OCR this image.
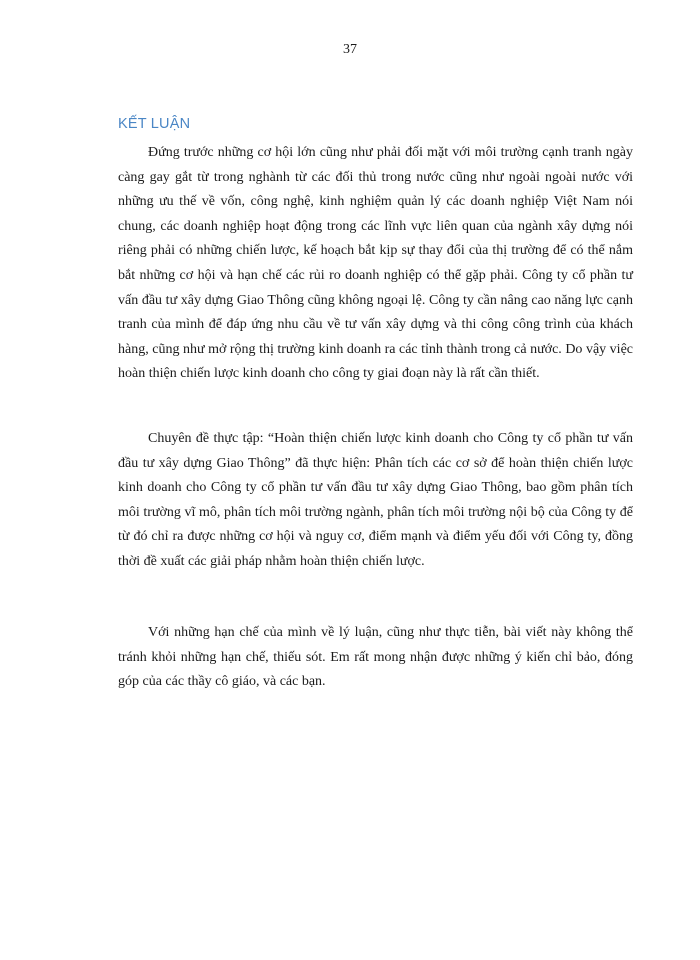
37
KẾT LUẬN

Đứng trước những cơ hội lớn cũng như phải đối mặt với môi trường cạnh tranh ngày càng gay gắt từ trong nghành từ các đối thủ trong nước cũng như ngoài ngoài nước với những ưu thế về vốn, công nghệ, kinh nghiệm quản lý các doanh nghiệp Việt Nam nói chung, các doanh nghiệp hoạt động trong các lĩnh vực liên quan của ngành xây dựng nói riêng phải có những chiến lược, kế hoạch bắt kịp sự thay đổi của thị trường để có thể nắm bắt những cơ hội và hạn chế các rủi ro doanh nghiệp có thể gặp phải. Công ty cổ phần tư vấn đầu tư xây dựng Giao Thông cũng không ngoại lệ. Công ty cần nâng cao năng lực cạnh tranh của mình để đáp ứng nhu cầu về tư vấn xây dựng và thi công công trình của khách hàng, cũng như mở rộng thị trường kinh doanh ra các tỉnh thành trong cả nước. Do vậy việc hoàn thiện chiến lược kinh doanh cho công ty giai đoạn này là rất cần thiết.

Chuyên đề thực tập: “Hoàn thiện chiến lược kinh doanh cho Công ty cổ phần tư vấn đầu tư xây dựng Giao Thông” đã thực hiện: Phân tích các cơ sở để hoàn thiện chiến lược kinh doanh cho Công ty cổ phần tư vấn đầu tư xây dựng Giao Thông, bao gồm phân tích môi trường vĩ mô, phân tích môi trường ngành, phân tích môi trường nội bộ của Công ty để từ đó chỉ ra được những cơ hội và nguy cơ, điểm mạnh và điểm yếu đối với Công ty, đồng thời đề xuất các giải pháp nhằm hoàn thiện chiến lược.

Với những hạn chế của mình về lý luận, cũng như thực tiễn, bài viết này không thể tránh khỏi những hạn chế, thiếu sót. Em rất mong nhận được những ý kiến chỉ bảo, đóng góp của các thầy cô giáo, và các bạn.
